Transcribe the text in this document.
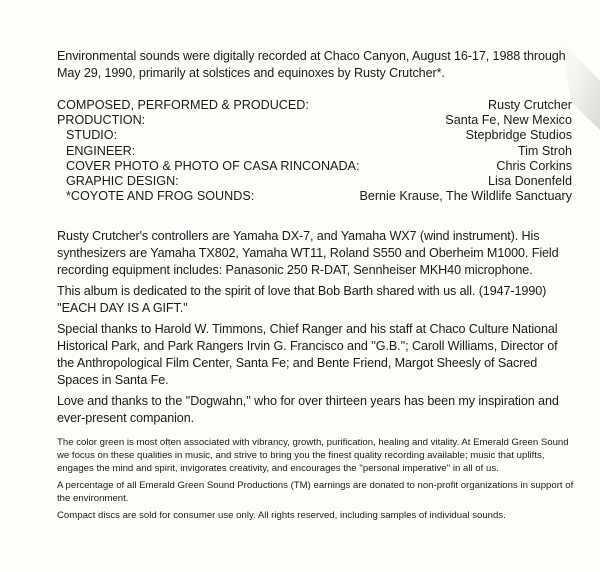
Environmental sounds were digitally recorded at Chaco Canyon, August 16-17, 1988 through
May 29, 1990, primarily at solstices and equinoxes by Rusty Crutcher*.
COMPOSED, PERFORMED & PRODUCED:	Rusty Crutcher
PRODUCTION:	Santa Fe, New Mexico
STUDIO:	Stepbridge Studios
ENGINEER:	Tim Stroh
COVER PHOTO & PHOTO OF CASA RINCONADA:	Chris Corkins
GRAPHIC DESIGN:	Lisa Donenfeld
*COYOTE AND FROG SOUNDS:	Bernie Krause, The Wildlife Sanctuary

Rusty Crutcher's controllers are Yamaha DX-7, and Yamaha WX7 (wind instrument). His synthesizers are Yamaha TX802, Yamaha WT11, Roland S550 and Oberheim M1000. Field recording equipment includes: Panasonic 250 R-DAT, Sennheiser MKH40 microphone.

This album is dedicated to the spirit of love that Bob Barth shared with us all. (1947-1990) ''EACH DAY IS A GIFT.''

Special thanks to Harold W. Timmons, Chief Ranger and his staff at Chaco Culture National Historical Park, and Park Rangers Irvin G. Francisco and ''G.B.''; Caroll Williams, Director of the Anthropological Film Center, Santa Fe; and Bente Friend, Margot Sheesly of Sacred Spaces in Santa Fe.

Love and thanks to the ''Dogwahn,'' who for over thirteen years has been my inspiration and ever-present companion.

The color green is most often associated with vibrancy, growth, purification, healing and vitality. At Emerald Green Sound we focus on these qualities in music, and strive to bring you the finest quality recording available; music that uplifts, engages the mind and spirit, invigorates creativity, and encourages the ''personal imperative'' in all of us.

A percentage of all Emerald Green Sound Productions (TM) earnings are donated to non-profit organizations in support of the environment.

Compact discs are sold for consumer use only. All rights reserved, including samples of individual sounds.
